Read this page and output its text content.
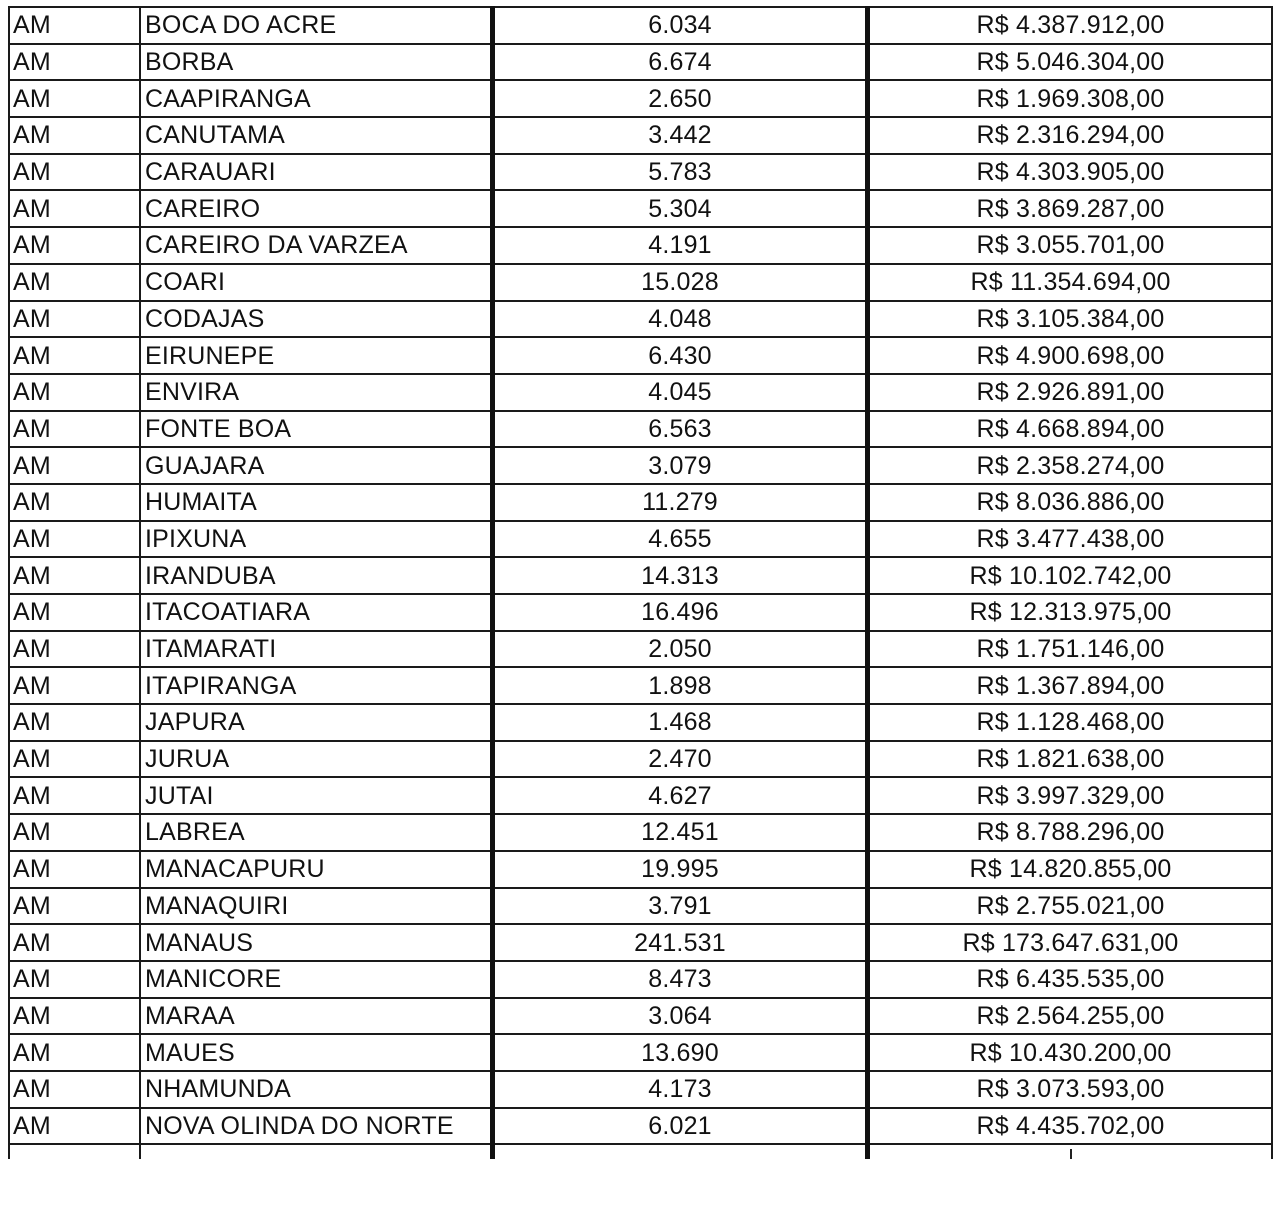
AM	BOCA DO ACRE	6.034	R$ 4.387.912,00
AM	BORBA	6.674	R$ 5.046.304,00
AM	CAAPIRANGA	2.650	R$ 1.969.308,00
AM	CANUTAMA	3.442	R$ 2.316.294,00
AM	CARAUARI	5.783	R$ 4.303.905,00
AM	CAREIRO	5.304	R$ 3.869.287,00
AM	CAREIRO DA VARZEA	4.191	R$ 3.055.701,00
AM	COARI	15.028	R$ 11.354.694,00
AM	CODAJAS	4.048	R$ 3.105.384,00
AM	EIRUNEPE	6.430	R$ 4.900.698,00
AM	ENVIRA	4.045	R$ 2.926.891,00
AM	FONTE BOA	6.563	R$ 4.668.894,00
AM	GUAJARA	3.079	R$ 2.358.274,00
AM	HUMAITA	11.279	R$ 8.036.886,00
AM	IPIXUNA	4.655	R$ 3.477.438,00
AM	IRANDUBA	14.313	R$ 10.102.742,00
AM	ITACOATIARA	16.496	R$ 12.313.975,00
AM	ITAMARATI	2.050	R$ 1.751.146,00
AM	ITAPIRANGA	1.898	R$ 1.367.894,00
AM	JAPURA	1.468	R$ 1.128.468,00
AM	JURUA	2.470	R$ 1.821.638,00
AM	JUTAI	4.627	R$ 3.997.329,00
AM	LABREA	12.451	R$ 8.788.296,00
AM	MANACAPURU	19.995	R$ 14.820.855,00
AM	MANAQUIRI	3.791	R$ 2.755.021,00
AM	MANAUS	241.531	R$ 173.647.631,00
AM	MANICORE	8.473	R$ 6.435.535,00
AM	MARAA	3.064	R$ 2.564.255,00
AM	MAUES	13.690	R$ 10.430.200,00
AM	NHAMUNDA	4.173	R$ 3.073.593,00
AM	NOVA OLINDA DO NORTE	6.021	R$ 4.435.702,00
